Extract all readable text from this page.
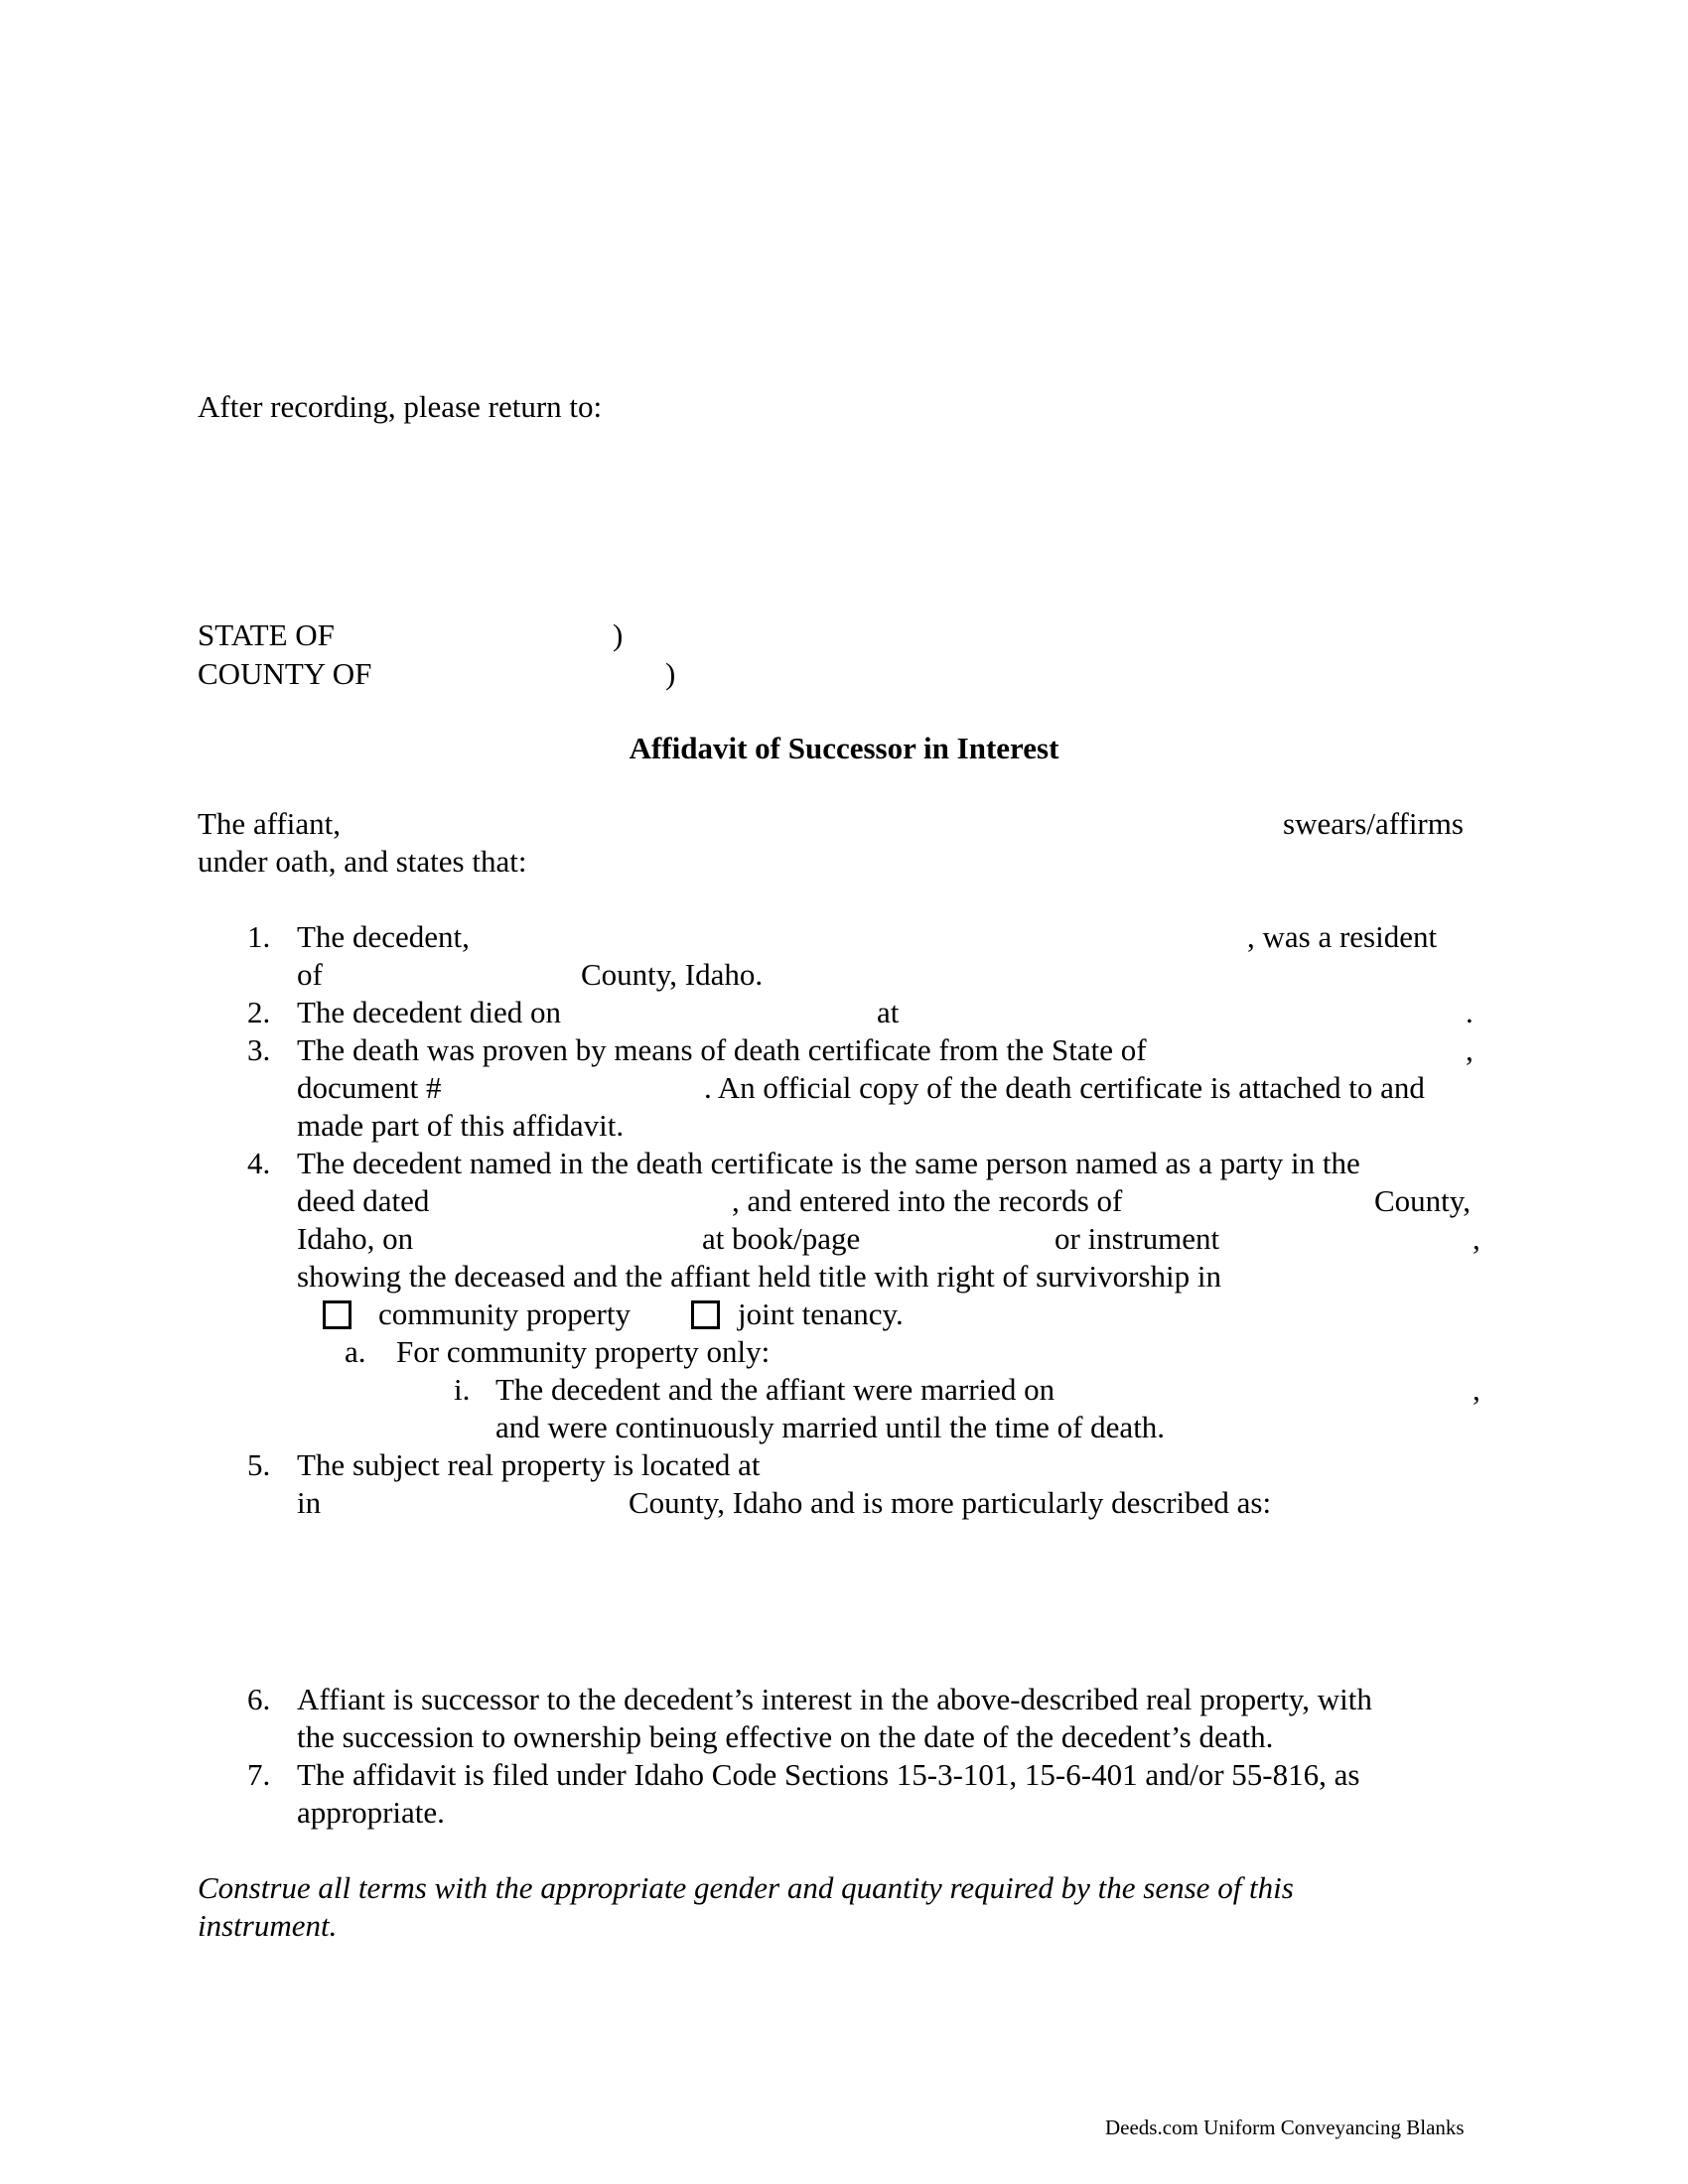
After recording, please return to:
STATE OF	)
COUNTY OF	)
Affidavit of Successor in Interest
The affiant,	swears/affirms
under oath, and states that:
1. The decedent,	, was a resident
of	County, Idaho.
2. The decedent died on	at	.
3. The death was proven by means of death certificate from the State of	,
document #	. An official copy of the death certificate is attached to and
made part of this affidavit.
4. The decedent named in the death certificate is the same person named as a party in the
deed dated	, and entered into the records of	County,
Idaho, on	at book/page	or instrument	,
showing the deceased and the affiant held title with right of survivorship in
community property	joint tenancy.
a. For community property only:
i. The decedent and the affiant were married on	,
and were continuously married until the time of death.
5. The subject real property is located at
in	County, Idaho and is more particularly described as:
6. Affiant is successor to the decedent’s interest in the above-described real property, with
the succession to ownership being effective on the date of the decedent’s death.
7. The affidavit is filed under Idaho Code Sections 15-3-101, 15-6-401 and/or 55-816, as
appropriate.
Construe all terms with the appropriate gender and quantity required by the sense of this
instrument.
Deeds.com Uniform Conveyancing Blanks
